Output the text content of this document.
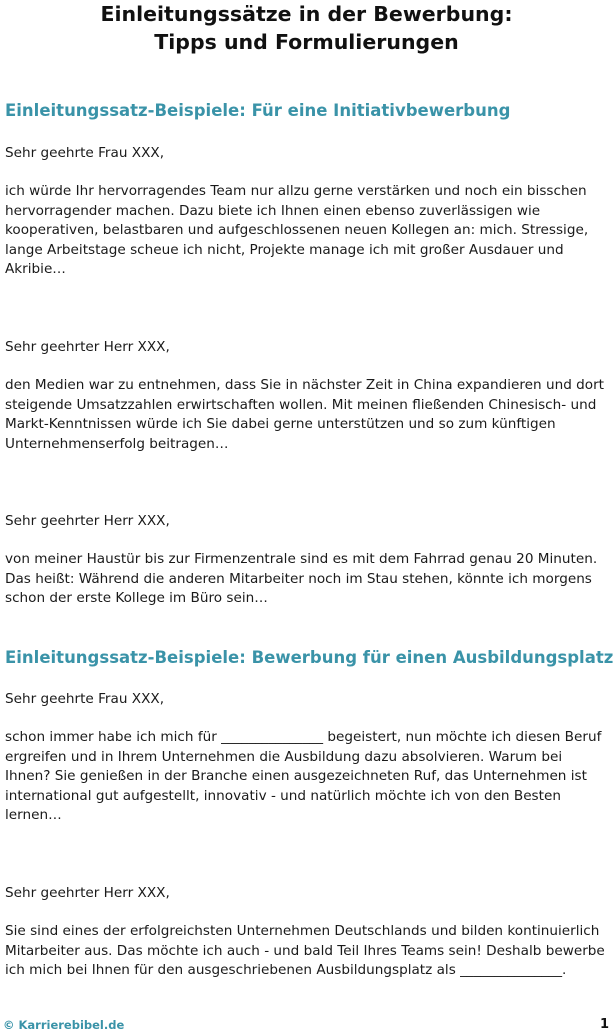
Einleitungssätze in der Bewerbung:
Tipps und Formulierungen
Einleitungssatz-Beispiele: Für eine Initiativbewerbung

Sehr geehrte Frau XXX,

ich würde Ihr hervorragendes Team nur allzu gerne verstärken und noch ein bisschen hervorragender machen. Dazu biete ich Ihnen einen ebenso zuverlässigen wie kooperativen, belastbaren und aufgeschlossenen neuen Kollegen an: mich. Stressige, lange Arbeitstage scheue ich nicht, Projekte manage ich mit großer Ausdauer und Akribie…

Sehr geehrter Herr XXX,

den Medien war zu entnehmen, dass Sie in nächster Zeit in China expandieren und dort steigende Umsatzzahlen erwirtschaften wollen. Mit meinen fließenden Chinesisch- und Markt-Kenntnissen würde ich Sie dabei gerne unterstützen und so zum künftigen Unternehmenserfolg beitragen…

Sehr geehrter Herr XXX,

von meiner Haustür bis zur Firmenzentrale sind es mit dem Fahrrad genau 20 Minuten. Das heißt: Während die anderen Mitarbeiter noch im Stau stehen, könnte ich morgens schon der erste Kollege im Büro sein…

Einleitungssatz-Beispiele: Bewerbung für einen Ausbildungsplatz

Sehr geehrte Frau XXX,

schon immer habe ich mich für _______________ begeistert, nun möchte ich diesen Beruf ergreifen und in Ihrem Unternehmen die Ausbildung dazu absolvieren. Warum bei Ihnen? Sie genießen in der Branche einen ausgezeichneten Ruf, das Unternehmen ist international gut aufgestellt, innovativ - und natürlich möchte ich von den Besten lernen…

Sehr geehrter Herr XXX,

Sie sind eines der erfolgreichsten Unternehmen Deutschlands und bilden kontinuierlich Mitarbeiter aus. Das möchte ich auch - und bald Teil Ihres Teams sein! Deshalb bewerbe ich mich bei Ihnen für den ausgeschriebenen Ausbildungsplatz als _______________.

© Karrierebibel.de	1
